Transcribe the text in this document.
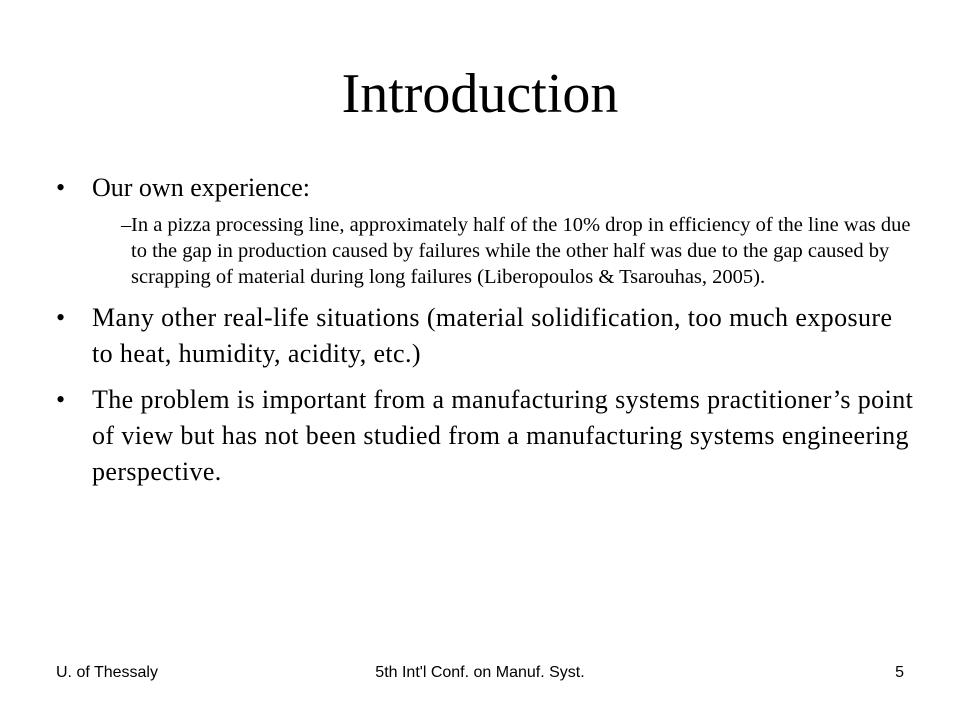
Introduction
• Our own experience:
– In a pizza processing line, approximately half of the 10% drop in efficiency of the line was due to the gap in production caused by failures while the other half was due to the gap caused by scrapping of material during long failures (Liberopoulos & Tsarouhas, 2005).
• Many other real-life situations (material solidification, too much exposure to heat, humidity, acidity, etc.)
• The problem is important from a manufacturing systems practitioner’s point of view but has not been studied from a manufacturing systems engineering perspective.
5th Int'l Conf. on Manuf. Syst.
U. of Thessaly	5
